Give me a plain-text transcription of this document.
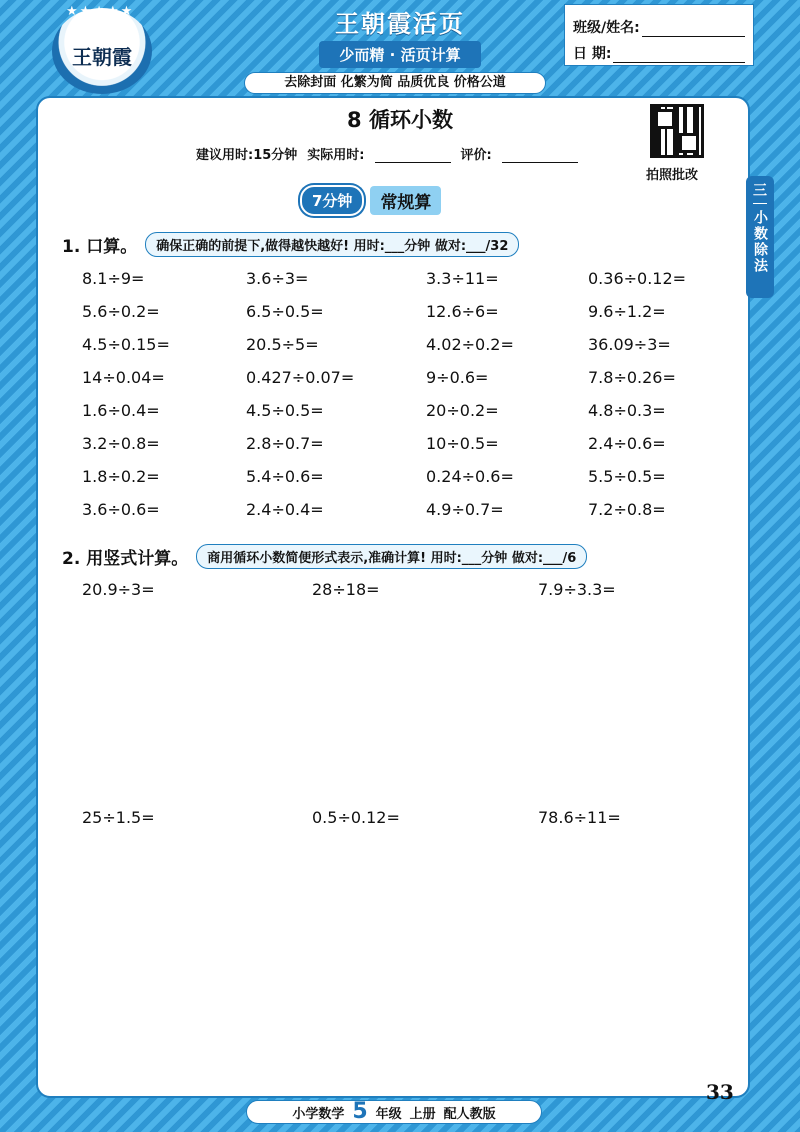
★★★★★
王朝霞
王朝霞活页
少而精 · 活页计算
班级/姓名:
日 期:
去除封面 化繁为简 品质优良 价格公道
8 循环小数
建议用时:15分钟 实际用时:	评价:
拍照批改
7分钟	常规算
三
小数除法
1. 口算。	确保正确的前提下,做得越快越好! 用时:___分钟 做对:___/32
8.1÷9=	3.6÷3=	3.3÷11=	0.36÷0.12=
5.6÷0.2=	6.5÷0.5=	12.6÷6=	9.6÷1.2=
4.5÷0.15=	20.5÷5=	4.02÷0.2=	36.09÷3=
14÷0.04=	0.427÷0.07=	9÷0.6=	7.8÷0.26=
1.6÷0.4=	4.5÷0.5=	20÷0.2=	4.8÷0.3=
3.2÷0.8=	2.8÷0.7=	10÷0.5=	2.4÷0.6=
1.8÷0.2=	5.4÷0.6=	0.24÷0.6=	5.5÷0.5=
3.6÷0.6=	2.4÷0.4=	4.9÷0.7=	7.2÷0.8=
2. 用竖式计算。	商用循环小数简便形式表示,准确计算! 用时:___分钟 做对:___/6
20.9÷3=	28÷18=	7.9÷3.3=
25÷1.5=	0.5÷0.12=	78.6÷11=
33
小学数学 5 年级 上册 配人教版
